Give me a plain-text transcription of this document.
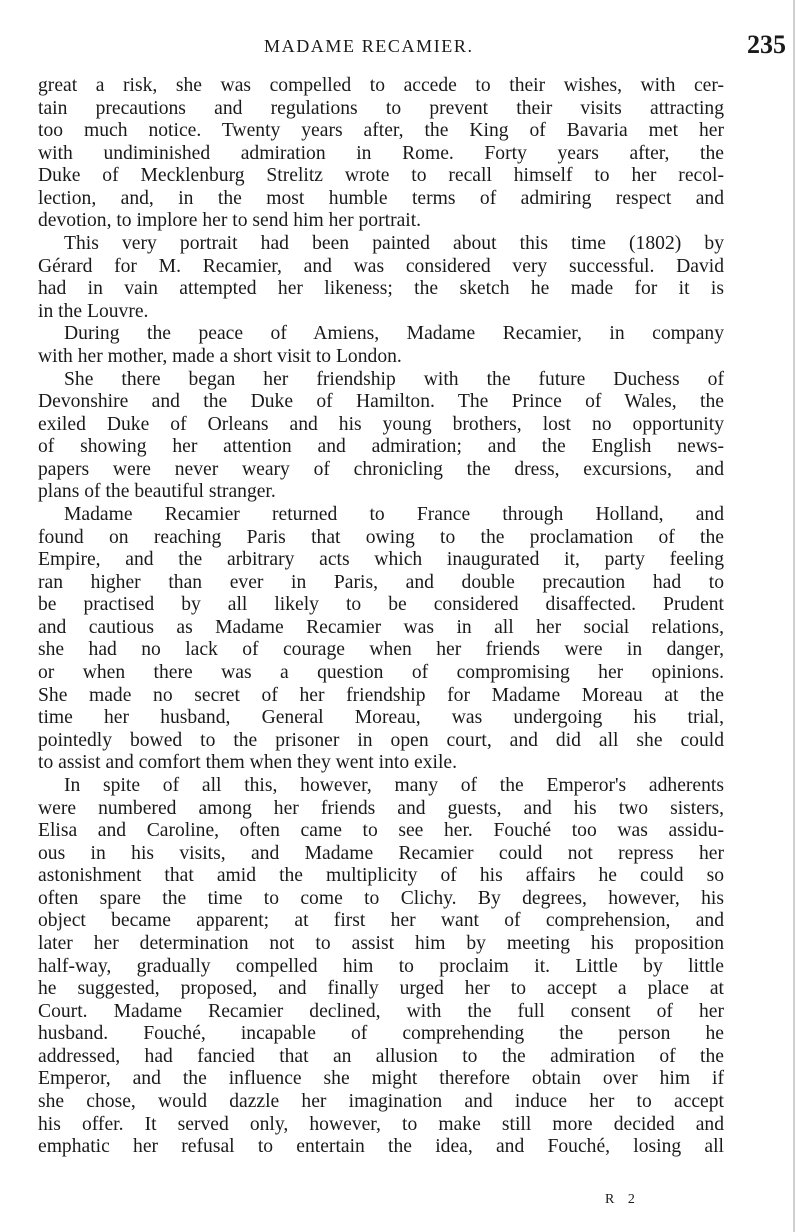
MADAME RECAMIER.	235
great a risk, she was compelled to accede to their wishes, with cer-
tain precautions and regulations to prevent their visits attracting
too much notice. Twenty years after, the King of Bavaria met her
with undiminished admiration in Rome. Forty years after, the
Duke of Mecklenburg Strelitz wrote to recall himself to her recol-
lection, and, in the most humble terms of admiring respect and
devotion, to implore her to send him her portrait.
This very portrait had been painted about this time (1802) by
Gérard for M. Recamier, and was considered very successful. David
had in vain attempted her likeness; the sketch he made for it is
in the Louvre.
During the peace of Amiens, Madame Recamier, in company
with her mother, made a short visit to London.
She there began her friendship with the future Duchess of
Devonshire and the Duke of Hamilton. The Prince of Wales, the
exiled Duke of Orleans and his young brothers, lost no opportunity
of showing her attention and admiration; and the English news-
papers were never weary of chronicling the dress, excursions, and
plans of the beautiful stranger.
Madame Recamier returned to France through Holland, and
found on reaching Paris that owing to the proclamation of the
Empire, and the arbitrary acts which inaugurated it, party feeling
ran higher than ever in Paris, and double precaution had to
be practised by all likely to be considered disaffected. Prudent
and cautious as Madame Recamier was in all her social relations,
she had no lack of courage when her friends were in danger,
or when there was a question of compromising her opinions.
She made no secret of her friendship for Madame Moreau at the
time her husband, General Moreau, was undergoing his trial,
pointedly bowed to the prisoner in open court, and did all she could
to assist and comfort them when they went into exile.
In spite of all this, however, many of the Emperor's adherents
were numbered among her friends and guests, and his two sisters,
Elisa and Caroline, often came to see her. Fouché too was assidu-
ous in his visits, and Madame Recamier could not repress her
astonishment that amid the multiplicity of his affairs he could so
often spare the time to come to Clichy. By degrees, however, his
object became apparent; at first her want of comprehension, and
later her determination not to assist him by meeting his proposition
half-way, gradually compelled him to proclaim it. Little by little
he suggested, proposed, and finally urged her to accept a place at
Court. Madame Recamier declined, with the full consent of her
husband. Fouché, incapable of comprehending the person he
addressed, had fancied that an allusion to the admiration of the
Emperor, and the influence she might therefore obtain over him if
she chose, would dazzle her imagination and induce her to accept
his offer. It served only, however, to make still more decided and
emphatic her refusal to entertain the idea, and Fouché, losing all
R 2
